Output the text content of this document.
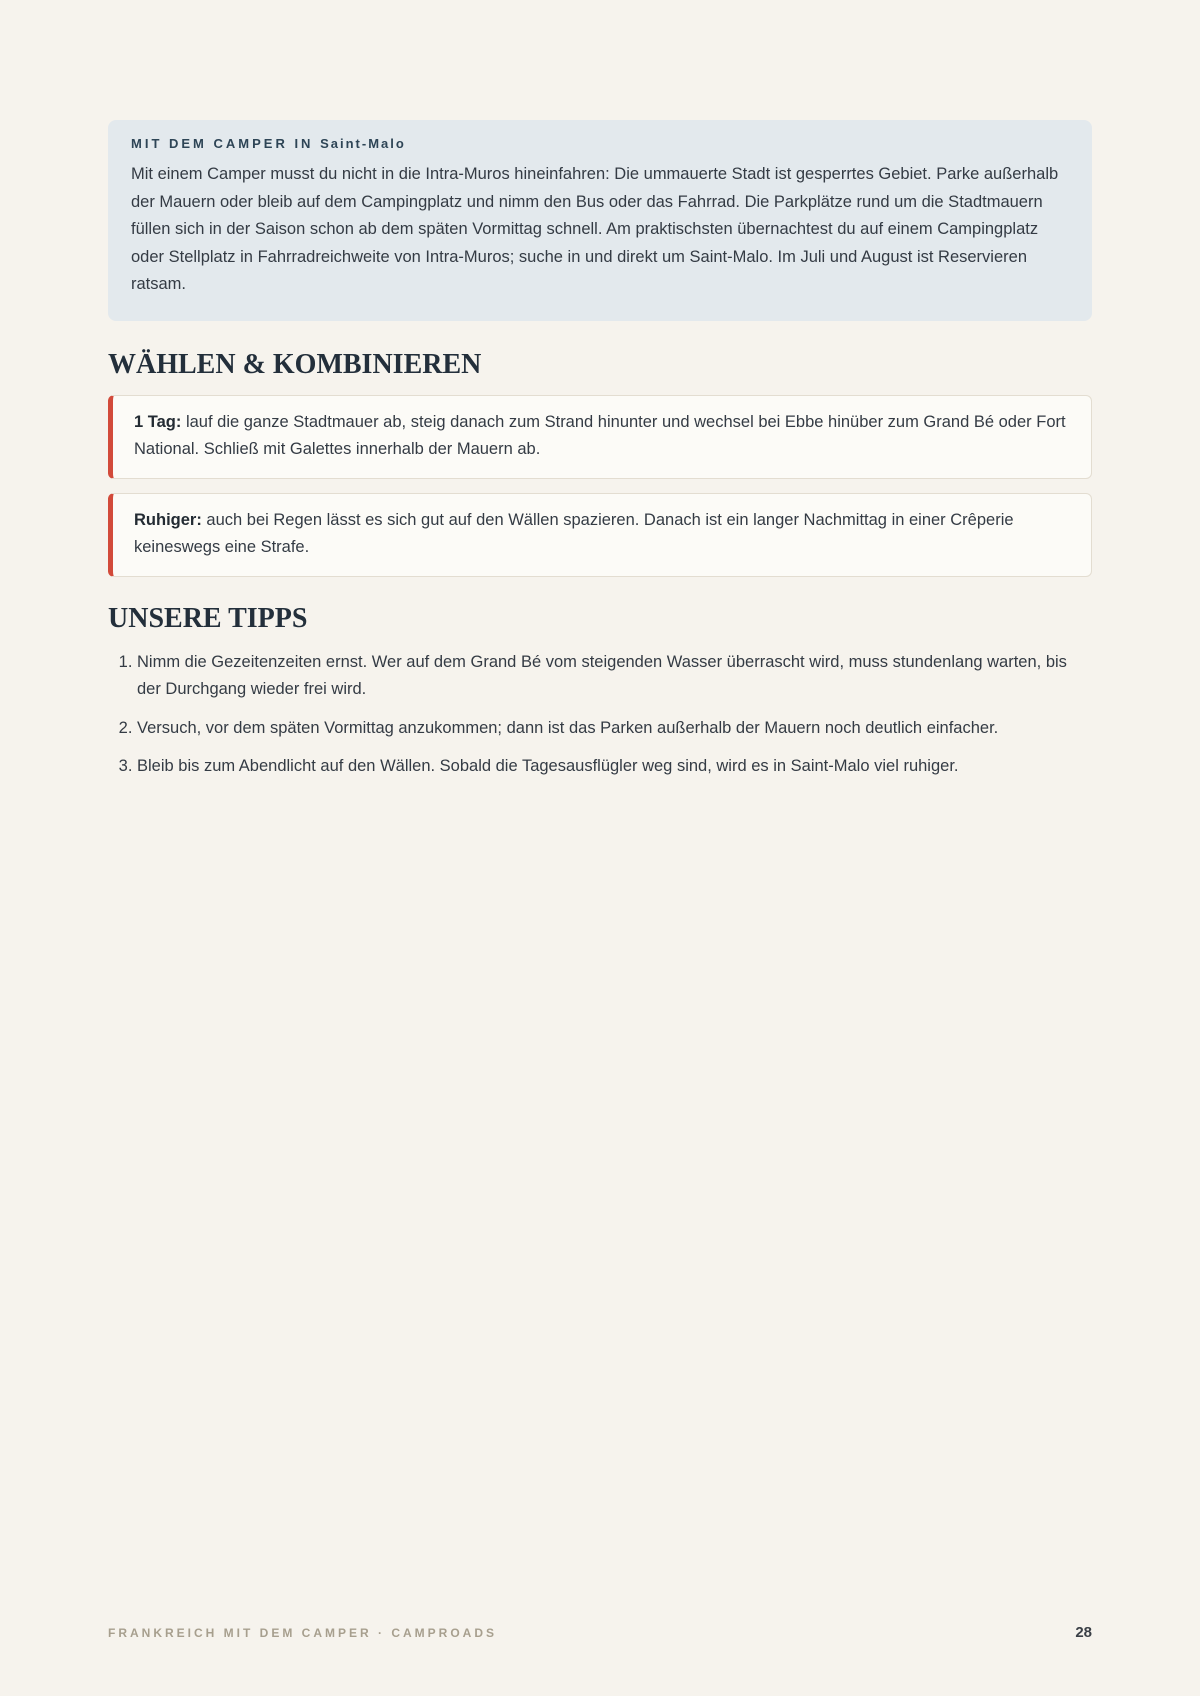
MIT DEM CAMPER IN Saint-Malo

Mit einem Camper musst du nicht in die Intra-Muros hineinfahren: Die ummauerte Stadt ist gesperrtes Gebiet. Parke außerhalb der Mauern oder bleib auf dem Campingplatz und nimm den Bus oder das Fahrrad. Die Parkplätze rund um die Stadtmauern füllen sich in der Saison schon ab dem späten Vormittag schnell. Am praktischsten übernachtest du auf einem Campingplatz oder Stellplatz in Fahrradreichweite von Intra-Muros; suche in und direkt um Saint-Malo. Im Juli und August ist Reservieren ratsam.

WÄHLEN & KOMBINIEREN
1 Tag: lauf die ganze Stadtmauer ab, steig danach zum Strand hinunter und wechsel bei Ebbe hinüber zum Grand Bé oder Fort National. Schließ mit Galettes innerhalb der Mauern ab.
Ruhiger: auch bei Regen lässt es sich gut auf den Wällen spazieren. Danach ist ein langer Nachmittag in einer Crêperie keineswegs eine Strafe.
UNSERE TIPPS
1. Nimm die Gezeitenzeiten ernst. Wer auf dem Grand Bé vom steigenden Wasser überrascht wird, muss stundenlang warten, bis der Durchgang wieder frei wird.
2. Versuch, vor dem späten Vormittag anzukommen; dann ist das Parken außerhalb der Mauern noch deutlich einfacher.
3. Bleib bis zum Abendlicht auf den Wällen. Sobald die Tagesausflügler weg sind, wird es in Saint-Malo viel ruhiger.
FRANKREICH MIT DEM CAMPER · CAMPROADS	28
